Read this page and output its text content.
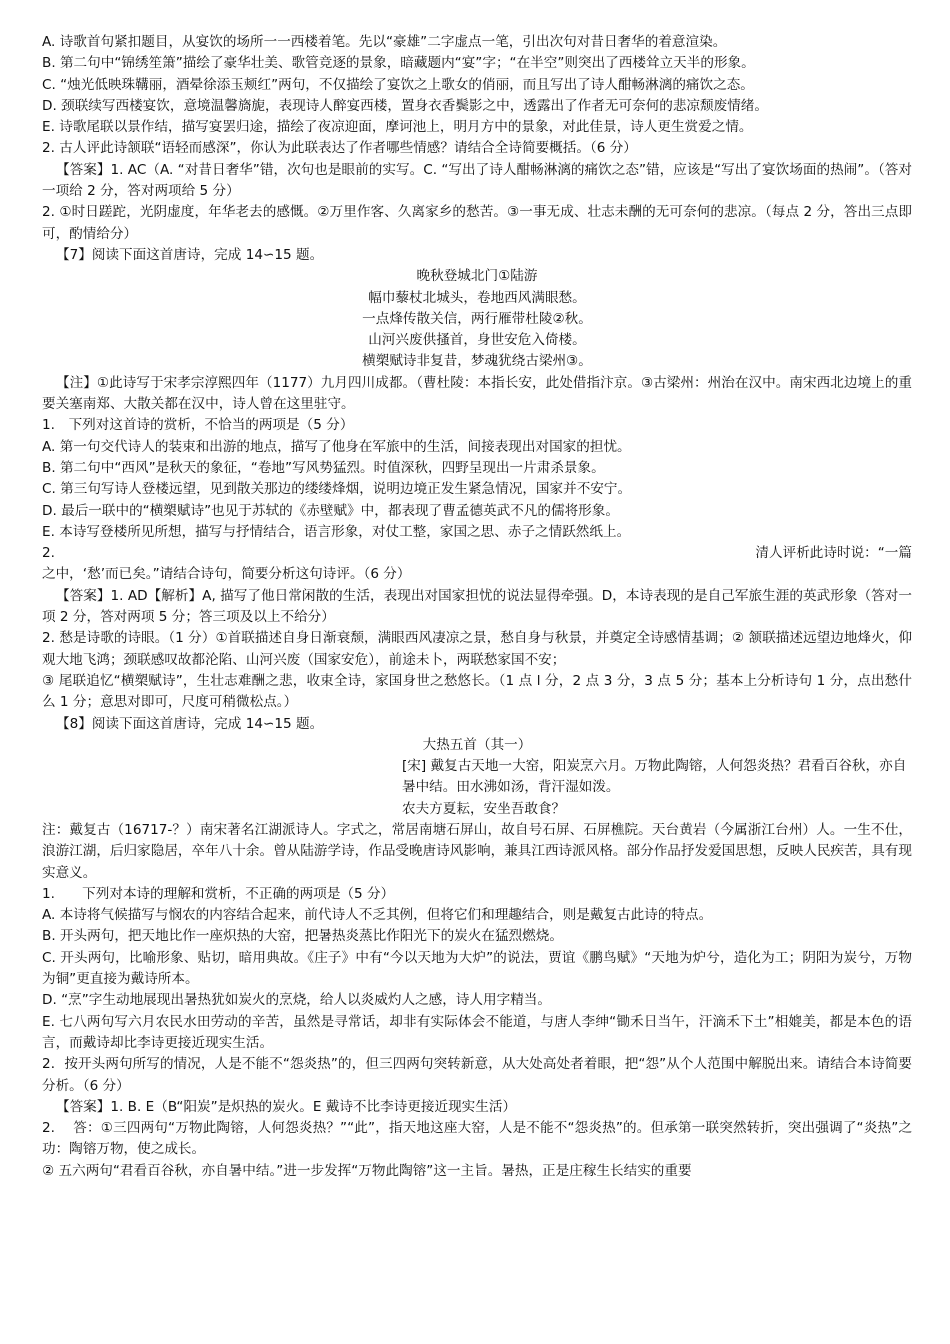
A. 诗歌首句紧扣题目，从宴饮的场所一一西楼着笔。先以“豪雄”二字虚点一笔，引出次句对昔日奢华的着意渲染。

B. 第二句中“锦绣笙箫”描绘了豪华壮美、歌管竞逐的景象，暗藏题内“宴”字；“在半空”则突出了西楼耸立天半的形象。

C. “烛光低映珠鞲丽，酒晕徐添玉颊红”两句，不仅描绘了宴饮之上歌女的俏丽，而且写出了诗人酣畅淋漓的痛饮之态。

D. 颈联续写西楼宴饮，意境温馨旖旎，表现诗人醉宴西楼，置身衣香鬓影之中，透露出了作者无可奈何的悲凉颓废情绪。

E. 诗歌尾联以景作结，描写宴罢归途，描绘了夜凉迎面，摩诃池上，明月方中的景象，对此佳景，诗人更生赏爱之情。

2. 古人评此诗颔联“语轻而感深”，你认为此联表达了作者哪些情感？请结合全诗简要概括。（6 分）

【答案】1. AC（A. “对昔日奢华”错，次句也是眼前的实写。C. “写出了诗人酣畅淋漓的痛饮之态”错，应该是“写出了宴饮场面的热闹”。（答对一项给 2 分，答对两项给 5 分）

2. ①时日蹉跎，光阴虚度，年华老去的感慨。②万里作客、久离家乡的愁苦。③一事无成、壮志未酬的无可奈何的悲凉。（每点 2 分，答出三点即可，酌情给分）

【7】阅读下面这首唐诗，完成 14∽15 题。

晚秋登城北门①陆游

幅巾藜杖北城头，卷地西风满眼愁。

一点烽传散关信，两行雁带杜陵②秋。

山河兴废供搔首，身世安危入倚楼。

横槊赋诗非复昔，梦魂犹绕古梁州③。

【注】①此诗写于宋孝宗淳熙四年（1177）九月四川成都。（曹杜陵：本指长安，此处借指汴京。③古梁州：州治在汉中。南宋西北边境上的重要关塞南郑、大散关都在汉中，诗人曾在这里驻守。

1.　下列对这首诗的赏析，不恰当的两项是（5 分）

A. 第一句交代诗人的装束和出游的地点，描写了他身在军旅中的生活，间接表现出对国家的担忧。

B. 第二句中“西风”是秋天的象征，“卷地”写风势猛烈。时值深秋，四野呈现出一片肃杀景象。

C. 第三句写诗人登楼远望，见到散关那边的缕缕烽烟，说明边境正发生紧急情况，国家并不安宁。

D. 最后一联中的“横槊赋诗”也见于苏轼的《赤壁赋》中，都表现了曹孟德英武不凡的儒将形象。

E. 本诗写登楼所见所想，描写与抒情结合，语言形象，对仗工整，家国之思、赤子之情跃然纸上。

2.	清人评析此诗时说：“一篇

之中，‘愁’而已矣。”请结合诗句，简要分析这句诗评。（6 分）

【答案】1. AD【解析】A, 描写了他日常闲散的生活，表现出对国家担忧的说法显得牵强。D，本诗表现的是自己军旅生涯的英武形象（答对一项 2 分，答对两项 5 分；答三项及以上不给分）

2. 愁是诗歌的诗眼。（1 分）①首联描述自身日渐衰颓，满眼西风凄凉之景，愁自身与秋景，并奠定全诗感情基调；② 颔联描述远望边地烽火，仰观大地飞鸿；颈联感叹故都沦陷、山河兴废（国家安危），前途未卜，两联愁家国不安；

③ 尾联追忆“横槊赋诗”，生壮志难酬之悲，收束全诗，家国身世之愁悠长。（1 点 l 分，2 点 3 分，3 点 5 分；基本上分析诗句 1 分，点出愁什么 1 分；意思对即可，尺度可稍微松点。）

【8】阅读下面这首唐诗，完成 14∽15 题。

大热五首（其一）

[宋] 戴复古天地一大窑，阳炭烹六月。万物此陶镕，人何怨炎热？君看百谷秋，亦自暑中结。田水沸如汤，背汗湿如泼。

农夫方夏耘，安坐吾敢食？

注：戴复古（16717-？）南宋著名江湖派诗人。字式之，常居南塘石屏山，故自号石屏、石屏樵院。天台黄岩（今属浙江台州）人。一生不仕，浪游江湖，后归家隐居，卒年八十余。曾从陆游学诗，作品受晚唐诗风影响，兼具江西诗派风格。部分作品抒发爱国思想，反映人民疾苦，具有现实意义。

1.　　下列对本诗的理解和赏析，不正确的两项是（5 分）

A. 本诗将气候描写与悯农的内容结合起来，前代诗人不乏其例，但将它们和理趣结合，则是戴复古此诗的特点。

B. 开头两句，把天地比作一座炽热的大窑，把暑热炎蒸比作阳光下的炭火在猛烈燃烧。

C. 开头两句，比喻形象、贴切，暗用典故。《庄子》中有“今以天地为大炉”的说法，贾谊《鹏鸟赋》“天地为炉兮，造化为工；阴阳为炭兮，万物为铜”更直接为戴诗所本。

D. “烹”字生动地展现出暑热犹如炭火的烹烧，给人以炎威灼人之感，诗人用字精当。

E. 七八两句写六月农民水田劳动的辛苦，虽然是寻常话，却非有实际体会不能道，与唐人李绅“锄禾日当午，汗滴禾下土”相媲美，都是本色的语言，而戴诗却比李诗更接近现实生活。

2．按开头两句所写的情况，人是不能不“怨炎热”的，但三四两句突转新意，从大处高处者着眼，把“怨”从个人范围中解脱出来。请结合本诗简要分析。（6 分）

【答案】1. B. E（B“阳炭”是炽热的炭火。E 戴诗不比李诗更接近现实生活）

2.　 答：①三四两句“万物此陶镕，人何怨炎热？”“此”，指天地这座大窑，人是不能不“怨炎热”的。但承第一联突然转折，突出强调了“炎热”之功：陶镕万物，使之成长。

② 五六两句“君看百谷秋，亦自暑中结。”进一步发挥“万物此陶镕”这一主旨。暑热，正是庄稼生长结实的重要
